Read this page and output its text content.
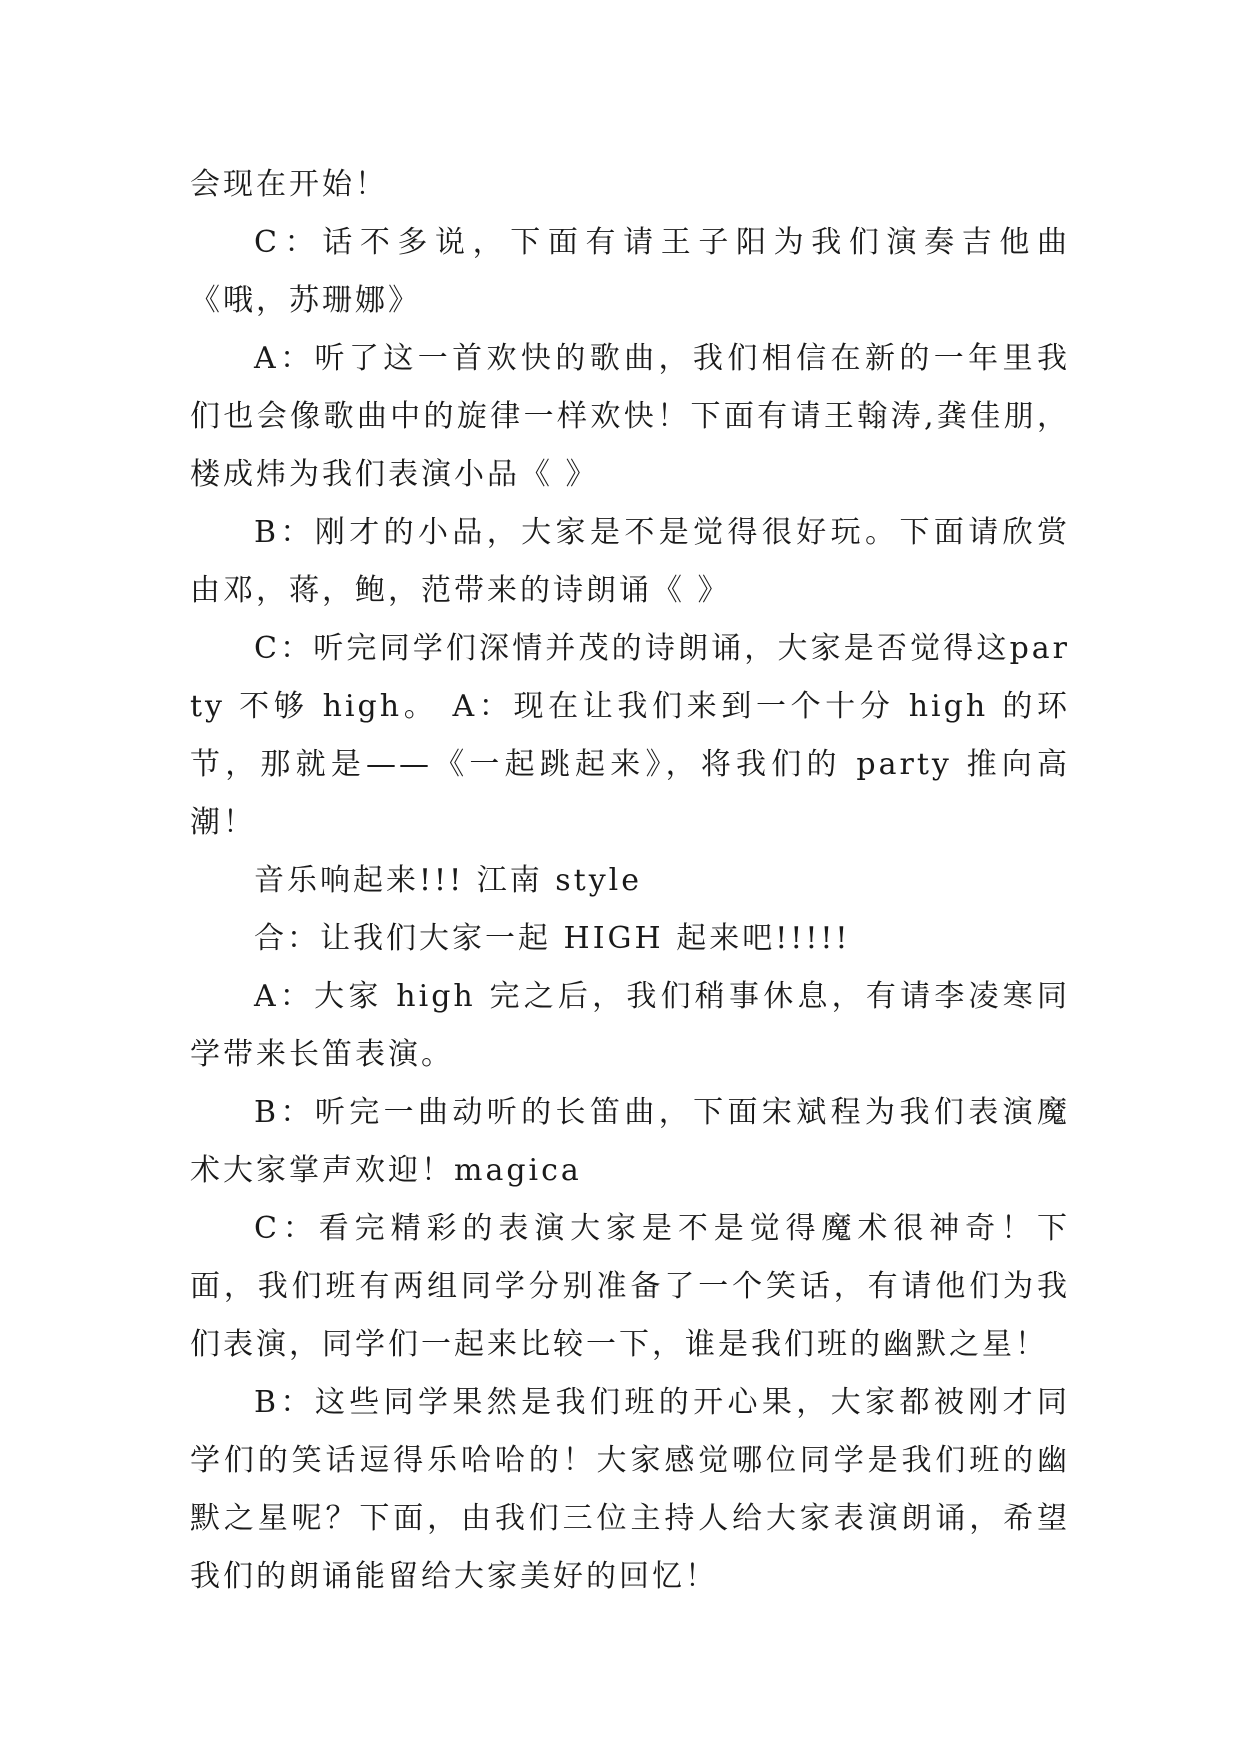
会现在开始！

C：话不多说，下面有请王子阳为我们演奏吉他曲《哦，苏珊娜》

A：听了这一首欢快的歌曲，我们相信在新的一年里我们也会像歌曲中的旋律一样欢快！下面有请王翰涛,龚佳朋，楼成炜为我们表演小品《 》

B：刚才的小品，大家是不是觉得很好玩。下面请欣赏由邓，蒋，鲍，范带来的诗朗诵《 》

C：听完同学们深情并茂的诗朗诵，大家是否觉得这party 不够 high。 A：现在让我们来到一个十分 high 的环节，那就是——《一起跳起来》，将我们的 party 推向高潮！

音乐响起来!!! 江南 style

合：让我们大家一起 HIGH 起来吧!!!!!

A：大家 high 完之后，我们稍事休息，有请李凌寒同学带来长笛表演。

B：听完一曲动听的长笛曲，下面宋斌程为我们表演魔术大家掌声欢迎！magica

C：看完精彩的表演大家是不是觉得魔术很神奇！下面，我们班有两组同学分别准备了一个笑话，有请他们为我们表演，同学们一起来比较一下，谁是我们班的幽默之星！

B：这些同学果然是我们班的开心果，大家都被刚才同学们的笑话逗得乐哈哈的！大家感觉哪位同学是我们班的幽默之星呢？下面，由我们三位主持人给大家表演朗诵，希望我们的朗诵能留给大家美好的回忆！
